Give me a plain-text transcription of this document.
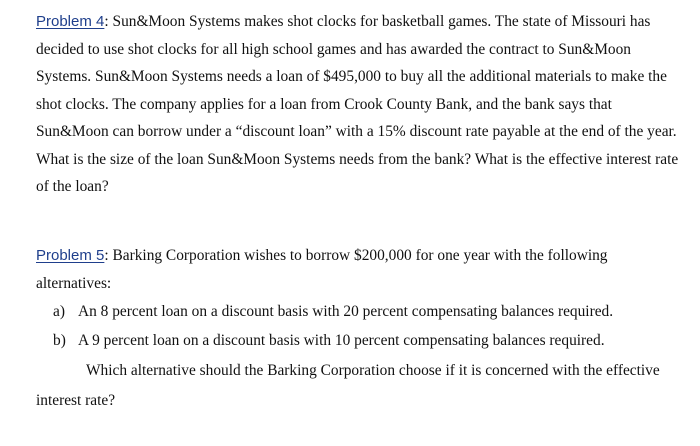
Problem 4: Sun&Moon Systems makes shot clocks for basketball games. The state of Missouri has decided to use shot clocks for all high school games and has awarded the contract to Sun&Moon Systems. Sun&Moon Systems needs a loan of $495,000 to buy all the additional materials to make the shot clocks. The company applies for a loan from Crook County Bank, and the bank says that Sun&Moon can borrow under a “discount loan” with a 15% discount rate payable at the end of the year. What is the size of the loan Sun&Moon Systems needs from the bank? What is the effective interest rate of the loan?

Problem 5: Barking Corporation wishes to borrow $200,000 for one year with the following alternatives:

a) An 8 percent loan on a discount basis with 20 percent compensating balances required.
b) A 9 percent loan on a discount basis with 10 percent compensating balances required.

Which alternative should the Barking Corporation choose if it is concerned with the effective interest rate?
